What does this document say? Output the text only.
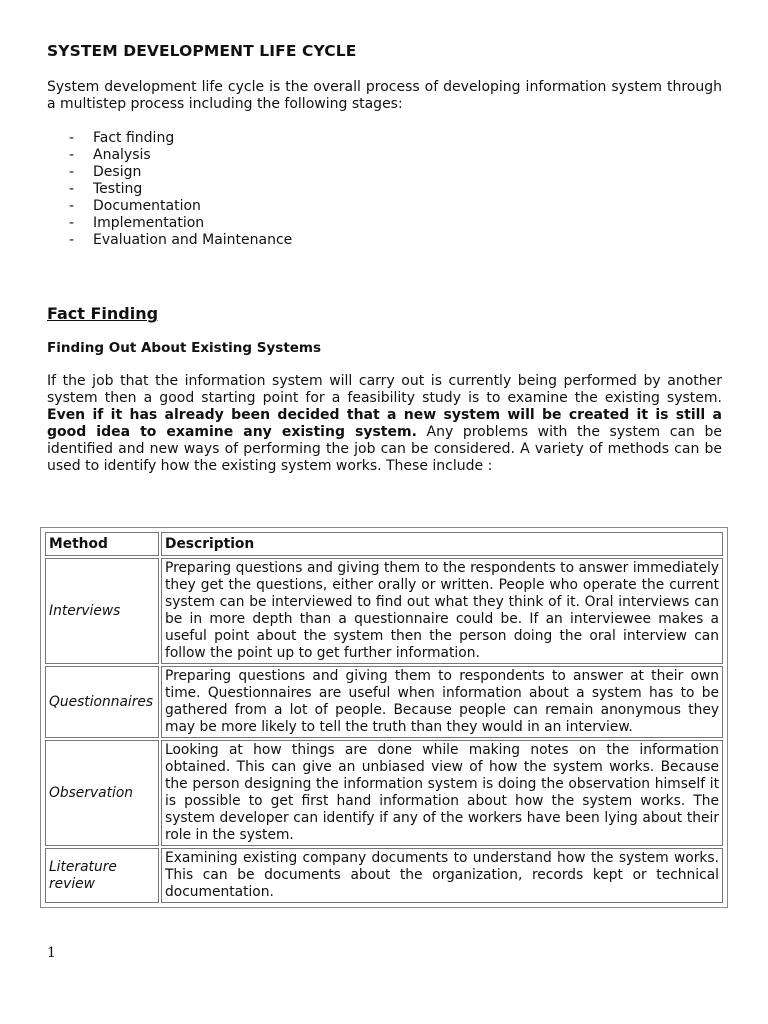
SYSTEM DEVELOPMENT LIFE CYCLE

System development life cycle is the overall process of developing information system through a multistep process including the following stages:

-	Fact finding
-	Analysis
-	Design
-	Testing
-	Documentation
-	Implementation
-	Evaluation and Maintenance
Fact Finding
Finding Out About Existing Systems

If the job that the information system will carry out is currently being performed by another system then a good starting point for a feasibility study is to examine the existing system. Even if it has already been decided that a new system will be created it is still a good idea to examine any existing system. Any problems with the system can be identified and new ways of performing the job can be considered. A variety of methods can be used to identify how the existing system works. These include :

Method	Description
Interviews	Preparing questions and giving them to the respondents to answer immediately they get the questions, either orally or written. People who operate the current system can be interviewed to find out what they think of it. Oral interviews can be in more depth than a questionnaire could be. If an interviewee makes a useful point about the system then the person doing the oral interview can follow the point up to get further information.
Questionnaires	Preparing questions and giving them to respondents to answer at their own time. Questionnaires are useful when information about a system has to be gathered from a lot of people. Because people can remain anonymous they may be more likely to tell the truth than they would in an interview.
Observation	Looking at how things are done while making notes on the information obtained. This can give an unbiased view of how the system works. Because the person designing the information system is doing the observation himself it is possible to get first hand information about how the system works. The system developer can identify if any of the workers have been lying about their role in the system.
Literature review	Examining existing company documents to understand how the system works. This can be documents about the organization, records kept or technical documentation.
1
